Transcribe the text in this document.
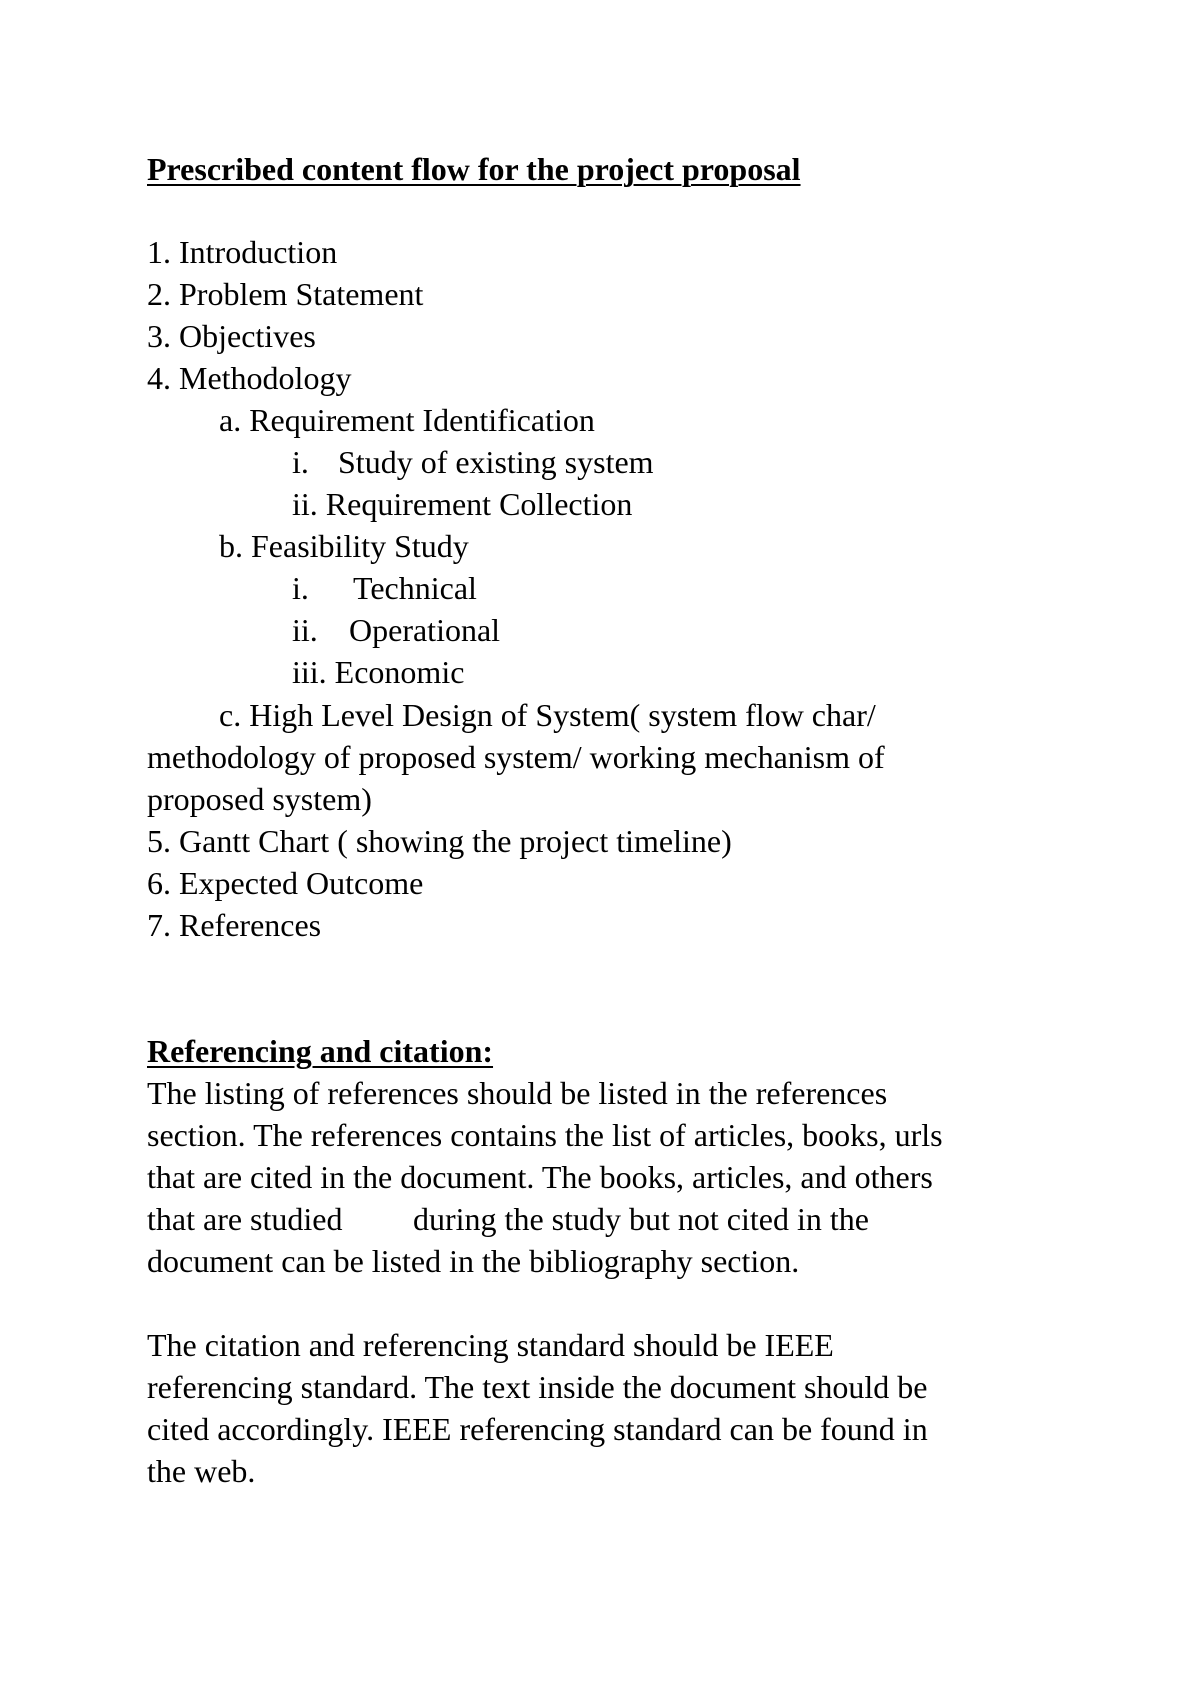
Prescribed content flow for the project proposal
1. Introduction
2. Problem Statement
3. Objectives
4. Methodology
a. Requirement Identification
i. Study of existing system
ii. Requirement Collection
b. Feasibility Study
i. Technical
ii. Operational
iii. Economic
c. High Level Design of System( system flow char/
methodology of proposed system/ working mechanism of
proposed system)
5. Gantt Chart ( showing the project timeline)
6. Expected Outcome
7. References
Referencing and citation:
The listing of references should be listed in the references
section. The references contains the list of articles, books, urls
that are cited in the document. The books, articles, and others
that are studied during the study but not cited in the
document can be listed in the bibliography section.
The citation and referencing standard should be IEEE
referencing standard. The text inside the document should be
cited accordingly. IEEE referencing standard can be found in
the web.
